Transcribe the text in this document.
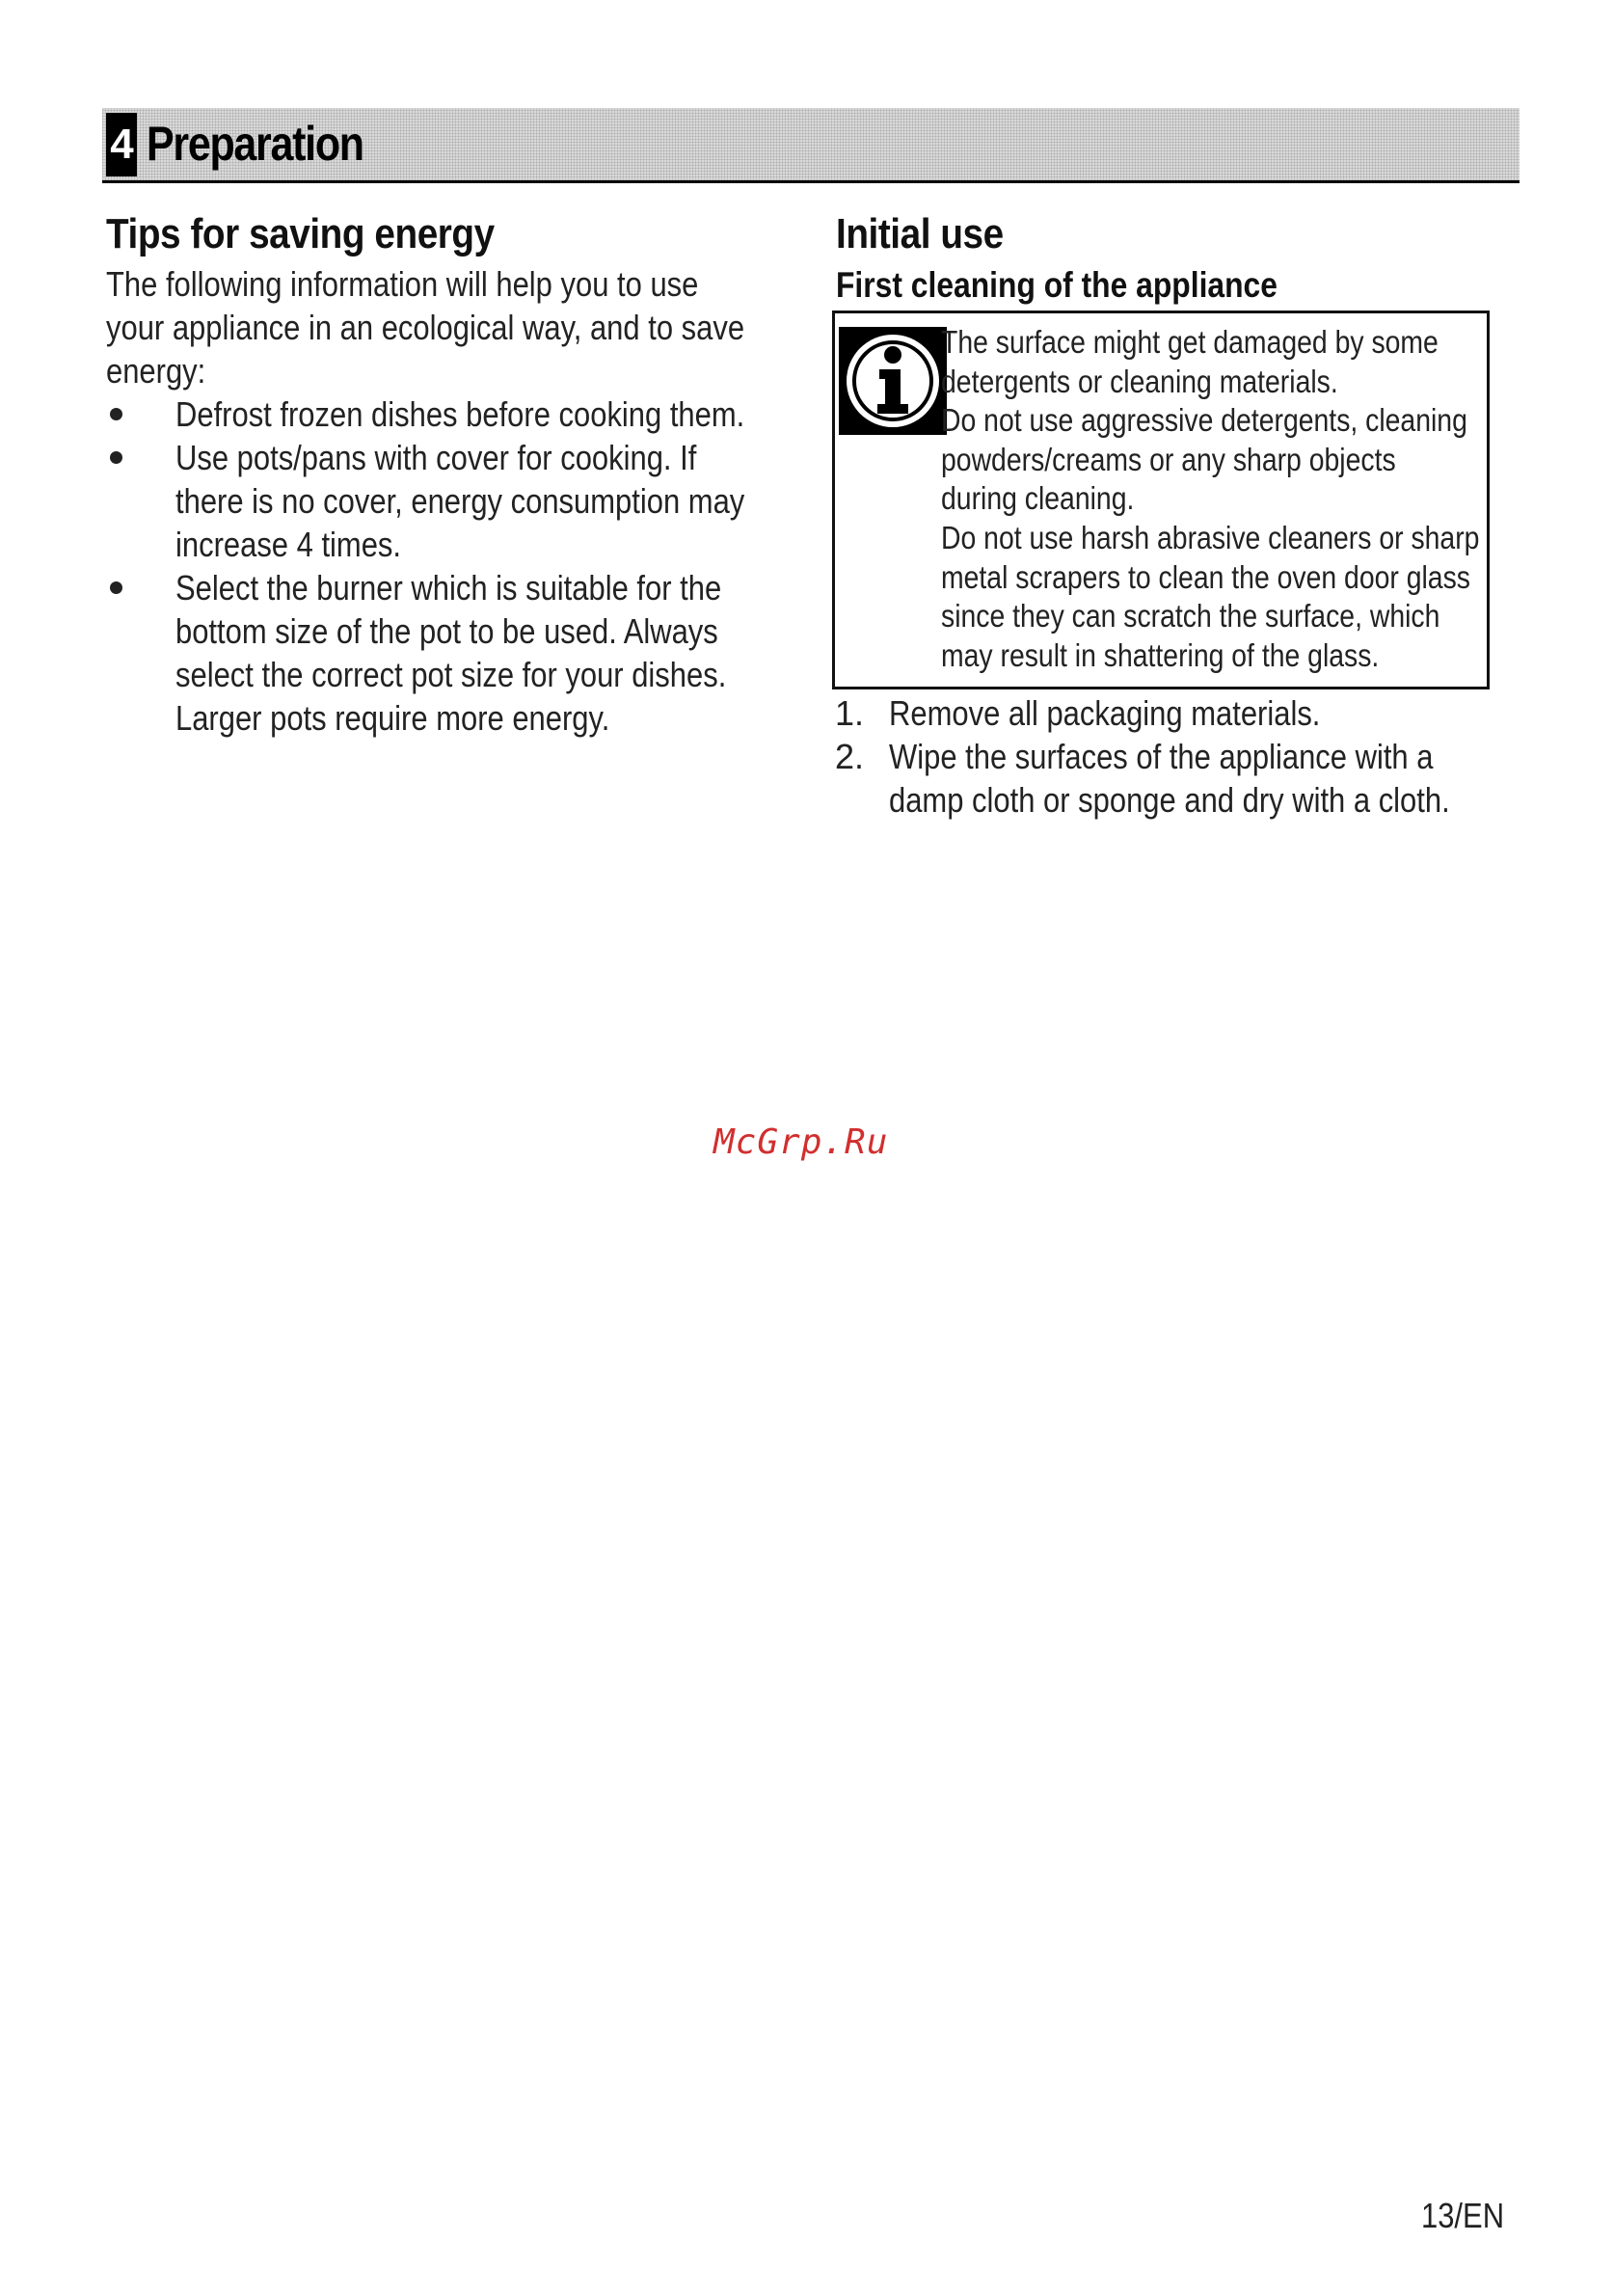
4 Preparation
Tips for saving energy
The following information will help you to use
your appliance in an ecological way, and to save
energy:
Defrost frozen dishes before cooking them.
Use pots/pans with cover for cooking. If
there is no cover, energy consumption may
increase 4 times.
Select the burner which is suitable for the
bottom size of the pot to be used. Always
select the correct pot size for your dishes.
Larger pots require more energy.
Initial use
First cleaning of the appliance
The surface might get damaged by some
detergents or cleaning materials.
Do not use aggressive detergents, cleaning
powders/creams or any sharp objects
during cleaning.
Do not use harsh abrasive cleaners or sharp
metal scrapers to clean the oven door glass
since they can scratch the surface, which
may result in shattering of the glass.
1. Remove all packaging materials.
2. Wipe the surfaces of the appliance with a
damp cloth or sponge and dry with a cloth.
McGrp.Ru
13/EN
